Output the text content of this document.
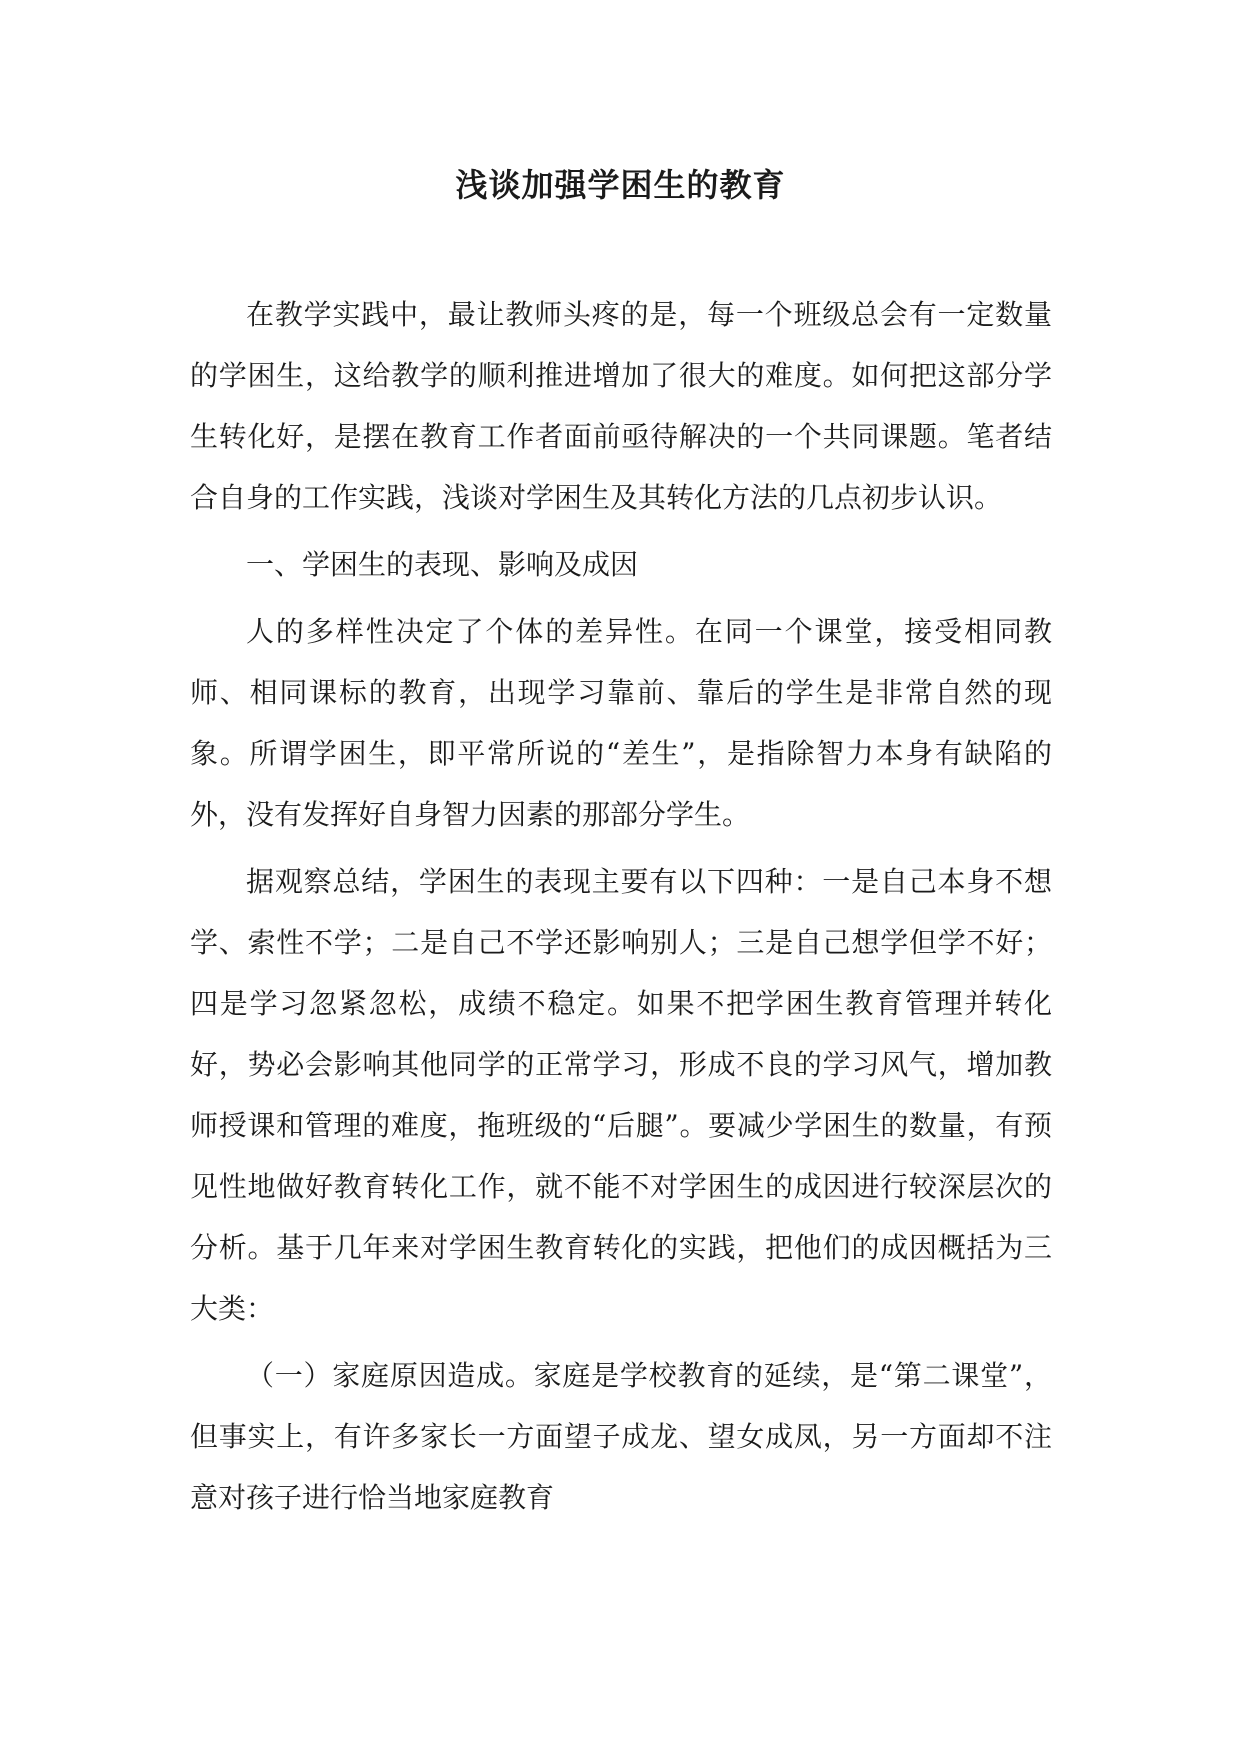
浅谈加强学困生的教育

在教学实践中，最让教师头疼的是，每一个班级总会有一定数量的学困生，这给教学的顺利推进增加了很大的难度。如何把这部分学生转化好，是摆在教育工作者面前亟待解决的一个共同课题。笔者结合自身的工作实践，浅谈对学困生及其转化方法的几点初步认识。

一、学困生的表现、影响及成因

人的多样性决定了个体的差异性。在同一个课堂，接受相同教师、相同课标的教育，出现学习靠前、靠后的学生是非常自然的现象。所谓学困生，即平常所说的“差生”，是指除智力本身有缺陷的外，没有发挥好自身智力因素的那部分学生。

据观察总结，学困生的表现主要有以下四种：一是自己本身不想学、索性不学；二是自己不学还影响别人；三是自己想学但学不好；四是学习忽紧忽松，成绩不稳定。如果不把学困生教育管理并转化好，势必会影响其他同学的正常学习，形成不良的学习风气，增加教师授课和管理的难度，拖班级的“后腿”。要减少学困生的数量，有预见性地做好教育转化工作，就不能不对学困生的成因进行较深层次的分析。基于几年来对学困生教育转化的实践，把他们的成因概括为三大类：

（一）家庭原因造成。家庭是学校教育的延续，是“第二课堂”，但事实上，有许多家长一方面望子成龙、望女成凤，另一方面却不注意对孩子进行恰当地家庭教育
